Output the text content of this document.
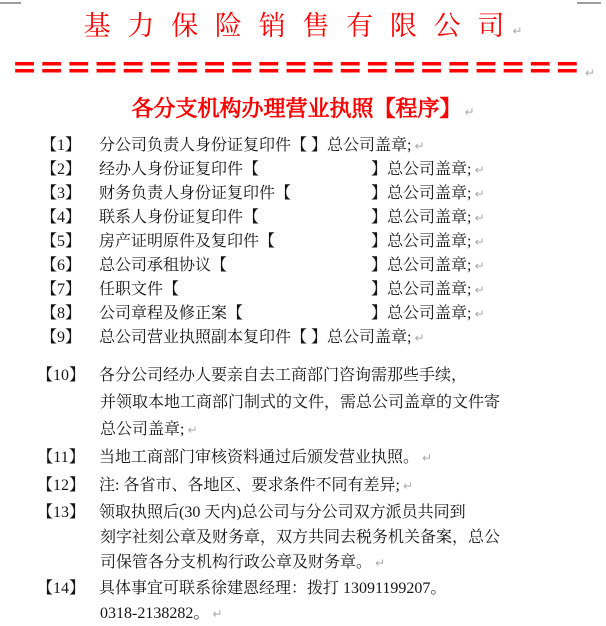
基 力 保 险 销 售 有 限 公 司 ↵
===================== ↵
各分支机构办理营业执照【程序】 ↵
【1】 分公司负责人身份证复印件【 】总公司盖章; ↵
【2】 经办人身份证复印件【　　　　　　　】总公司盖章; ↵
【3】 财务负责人身份证复印件【　　　　　】总公司盖章; ↵
【4】 联系人身份证复印件【　　　　　　　】总公司盖章; ↵
【5】 房产证明原件及复印件【　　　　　　】总公司盖章; ↵
【6】 总公司承租协议【　　　　　　　　　】总公司盖章; ↵
【7】 任职文件【　　　　　　　　　　　　】总公司盖章; ↵
【8】 公司章程及修正案【　　　　　　　　】总公司盖章; ↵
【9】 总公司营业执照副本复印件【 】总公司盖章; ↵
【10】 各分公司经办人要亲自去工商部门咨询需那些手续，
并领取本地工商部门制式的文件，需总公司盖章的文件寄
总公司盖章; ↵
【11】 当地工商部门审核资料通过后颁发营业执照。 ↵
【12】 注: 各省市、各地区、要求条件不同有差异; ↵
【13】 领取执照后(30 天内)总公司与分公司双方派员共同到
刻字社刻公章及财务章，双方共同去税务机关备案，总公
司保管各分支机构行政公章及财务章。 ↵
【14】 具体事宜可联系徐建恩经理：拨打 13091199207。
0318-2138282。 ↵
